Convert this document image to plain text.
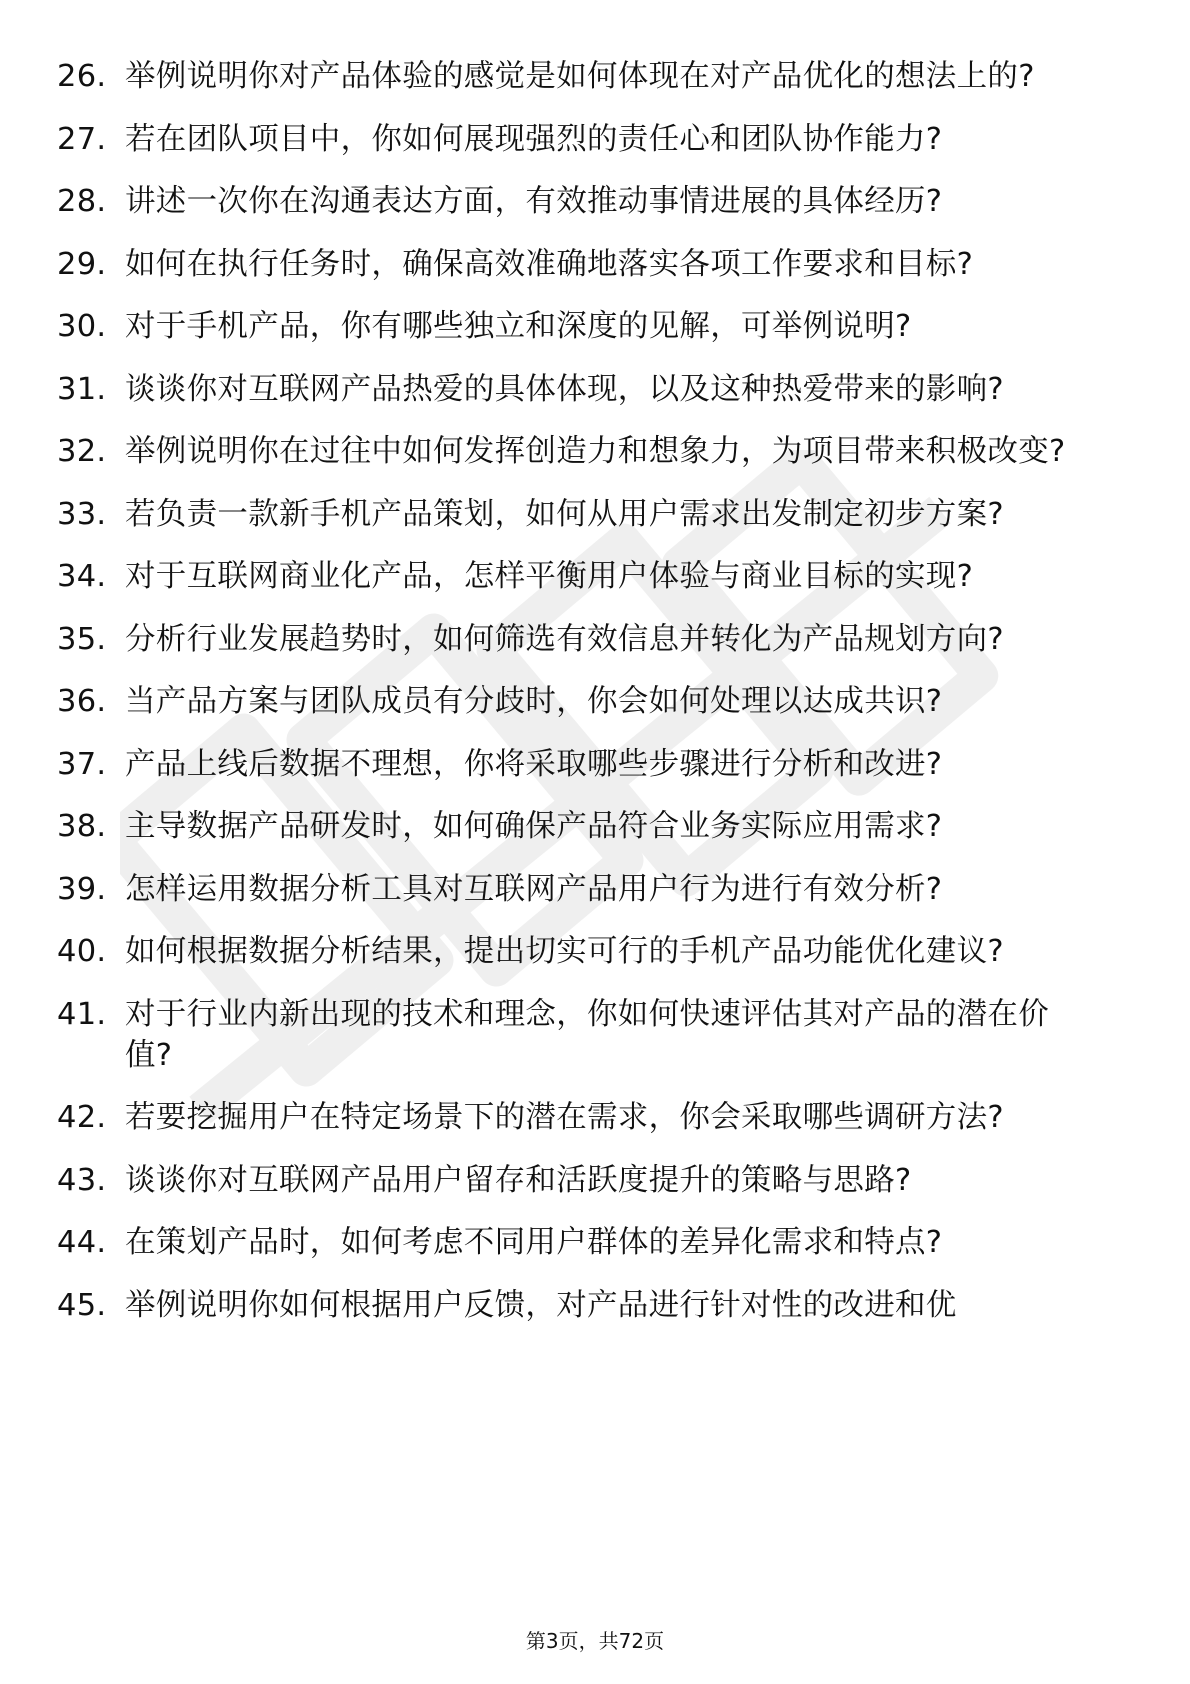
26. 举例说明你对产品体验的感觉是如何体现在对产品优化的想法上的?
27. 若在团队项目中，你如何展现强烈的责任心和团队协作能力?
28. 讲述一次你在沟通表达方面，有效推动事情进展的具体经历?
29. 如何在执行任务时，确保高效准确地落实各项工作要求和目标?
30. 对于手机产品，你有哪些独立和深度的见解，可举例说明?
31. 谈谈你对互联网产品热爱的具体体现，以及这种热爱带来的影响?
32. 举例说明你在过往中如何发挥创造力和想象力，为项目带来积极改变?
33. 若负责一款新手机产品策划，如何从用户需求出发制定初步方案?
34. 对于互联网商业化产品，怎样平衡用户体验与商业目标的实现?
35. 分析行业发展趋势时，如何筛选有效信息并转化为产品规划方向?
36. 当产品方案与团队成员有分歧时，你会如何处理以达成共识?
37. 产品上线后数据不理想，你将采取哪些步骤进行分析和改进?
38. 主导数据产品研发时，如何确保产品符合业务实际应用需求?
39. 怎样运用数据分析工具对互联网产品用户行为进行有效分析?
40. 如何根据数据分析结果，提出切实可行的手机产品功能优化建议?
41. 对于行业内新出现的技术和理念，你如何快速评估其对产品的潜在价值?
42. 若要挖掘用户在特定场景下的潜在需求，你会采取哪些调研方法?
43. 谈谈你对互联网产品用户留存和活跃度提升的策略与思路?
44. 在策划产品时，如何考虑不同用户群体的差异化需求和特点?
45. 举例说明你如何根据用户反馈，对产品进行针对性的改进和优
第3页，共72页
